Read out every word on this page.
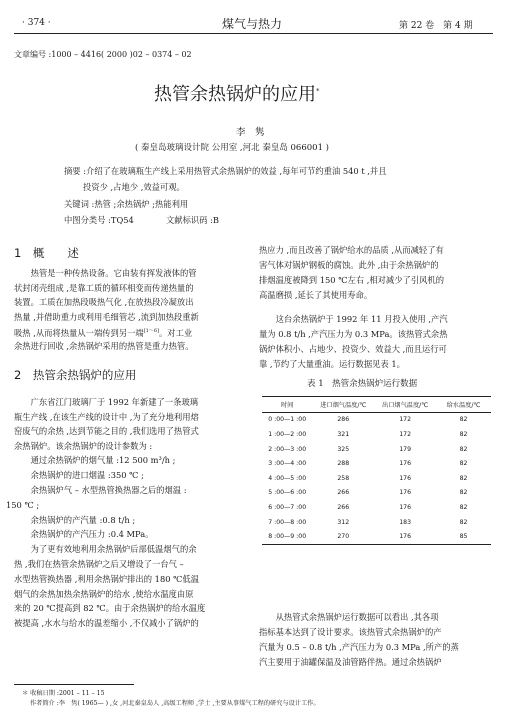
· 374 ·	煤气与热力	第 22 卷　第 4 期
文章编号 :1000 – 4416( 2000 )02 – 0374 – 02
热管余热锅炉的应用*
李　隽
( 秦皇岛玻璃设计院 公用室 ,河北 秦皇岛 066001 )
摘要 :介绍了在玻璃瓶生产线上采用热管式余热锅炉的效益 ,每年可节约重油 540 t ,并且
投资少 ,占地少 ,效益可观。
关键词 :热管 ;余热锅炉 ;热能利用
中图分类号 :TQ54	文献标识码 :B
1　概　　述
　　热管是一种传热设备。它由装有挥发液体的管
状封闭壳组成 ,是靠工质的循环相变而传递热量的
装置。工质在加热段吸热气化 ,在放热段冷凝放出
热量 ,并借助重力或利用毛细管芯 ,流到加热段重新
吸热 ,从而将热量从一端传到另一端[1～6]。对工业
余热进行回收 ,余热锅炉采用的热管是重力热管。
2　热管余热锅炉的应用
　　广东省江门玻璃厂于 1992 年新建了一条玻璃
瓶生产线 ,在该生产线的设计中 ,为了充分地利用熔
窑废气的余热 ,达到节能之目的 ,我们选用了热管式
余热锅炉。该余热锅炉的设计参数为 :
　　通过余热锅炉的烟气量 :12 500 m³/h ;
　　余热锅炉的进口烟温 :350 ℃ ;
　　余热锅炉气 – 水型热管换热器之后的烟温 :
150 ℃ ;
　　余热锅炉的产汽量 :0.8 t/h ;
　　余热锅炉的产汽压力 :0.4 MPa。
　　为了更有效地利用余热锅炉后部低温烟气的余
热 ,我们在热管余热锅炉之后又增设了一台气 –
水型热管换热器 ,利用余热锅炉排出的 180 ℃低温
烟气的余热加热余热锅炉的给水 ,使给水温度由原
来的 20 ℃提高到 82 ℃。由于余热锅炉的给水温度
被提高 ,水水与给水的温差缩小 ,不仅减小了锅炉的
热应力 ,而且改善了锅炉给水的品质 ,从而减轻了有
害气体对锅炉钢板的腐蚀。此外 ,由于余热锅炉的
排烟温度被降到 150 ℃左右 ,相对减少了引风机的
高温磨损 ,延长了其使用寿命。
　　这台余热锅炉于 1992 年 11 月投入使用 ,产汽
量为 0.8 t/h ,产汽压力为 0.3 MPa。该热管式余热
锅炉体积小、占地少、投资少、效益大 ,而且运行可
靠 ,节约了大量重油。运行数据见表 1。
表 1　热管余热锅炉运行数据
时间	进口烟气温度/℃	出口烟气温度/℃	给水温度/℃
0 :00—1 :00	286	172	82
1 :00—2 :00	321	172	82
2 :00—3 :00	325	179	82
3 :00—4 :00	288	176	82
4 :00—5 :00	258	176	82
5 :00—6 :00	266	176	82
6 :00—7 :00	266	176	82
7 :00—8 :00	312	183	82
8 :00—9 :00	270	176	85
　　从热管式余热锅炉运行数据可以看出 ,其各项
指标基本达到了设计要求。该热管式余热锅炉的产
汽量为 0.5 – 0.8 t/h ,产汽压力为 0.3 MPa ,所产的蒸
汽主要用于油罐保温及油管路伴热。通过余热锅炉
＊ 收稿日期 :2001 – 11 – 15
作者简介 :李　隽( 1965— ) ,女 ,河北秦皇岛人 ,高级工程师 ,学士 ,主要从事煤气工程的研究与设计工作。
